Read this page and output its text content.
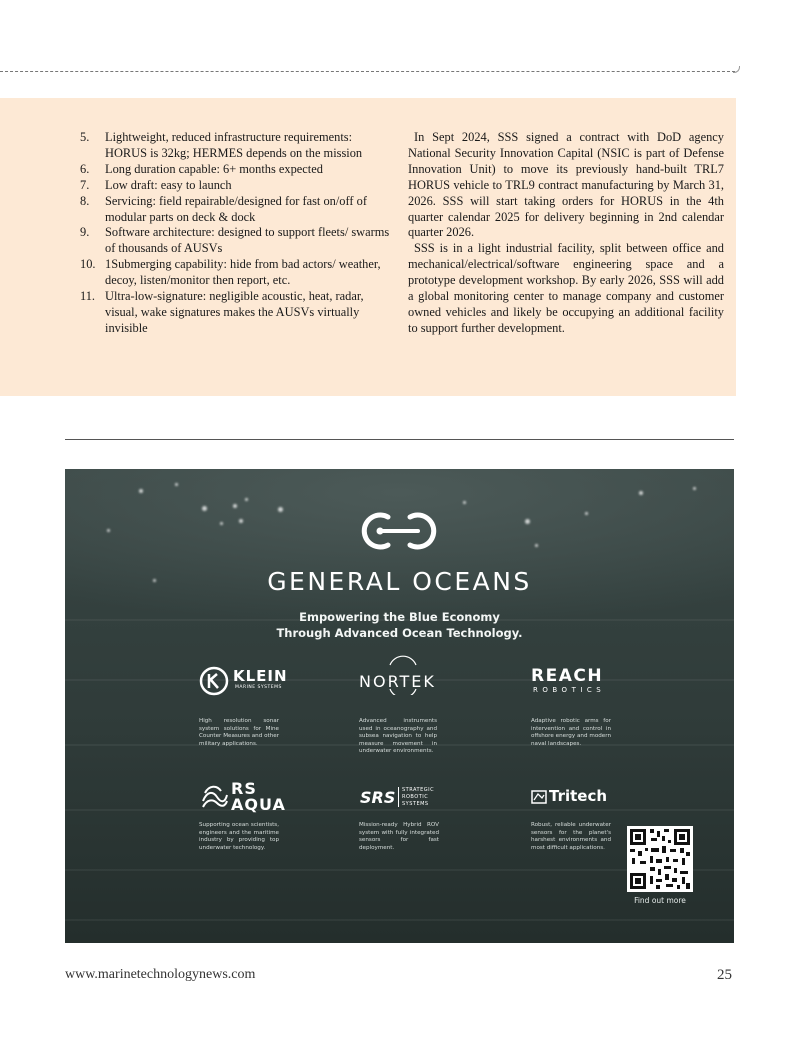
5.	Lightweight, reduced infrastructure requirements: HORUS is 32kg; HERMES depends on the mission
6.	Long duration capable: 6+ months expected
7.	Low draft: easy to launch
8.	Servicing: field repairable/designed for fast on/off of modular parts on deck & dock
9.	Software architecture: designed to support fleets/ swarms of thousands of AUSVs
10. 1Submerging capability: hide from bad actors/ weather, decoy, listen/monitor then report, etc.
11. Ultra-low-signature: negligible acoustic, heat, radar, visual, wake signatures makes the AUSVs virtually invisible

In Sept 2024, SSS signed a contract with DoD agency National Security Innovation Capital (NSIC is part of Defense Innovation Unit) to move its previously hand-built TRL7 HORUS vehicle to TRL9 contract manufacturing by March 31, 2026. SSS will start taking orders for HORUS in the 4th quarter calendar 2025 for delivery beginning in 2nd calendar quarter 2026.

SSS is in a light industrial facility, split between office and mechanical/electrical/software engineering space and a prototype development workshop. By early 2026, SSS will add a global monitoring center to manage company and customer owned vehicles and likely be occupying an additional facility to support further development.

GENERAL OCEANS
Empowering the Blue Economy
Through Advanced Ocean Technology.
KLEIN
MARINE SYSTEMS
High resolution sonar system solutions for Mine Counter Measures and other military applications.
NORTEK
Advanced instruments used in oceanography and subsea navigation to help measure movement in underwater environments.
REACH
ROBOTICS
Adaptive robotic arms for intervention and control in offshore energy and modern naval landscapes.
RS
AQUA
Supporting ocean scientists, engineers and the maritime industry by providing top underwater technology.
SRS STRATEGIC
ROBOTIC
SYSTEMS
Mission-ready Hybrid ROV system with fully integrated sensors for fast deployment.
Tritech
Robust, reliable underwater sensors for the planet's harshest environments and most difficult applications.
Find out more
www.marinetechnologynews.com	25
